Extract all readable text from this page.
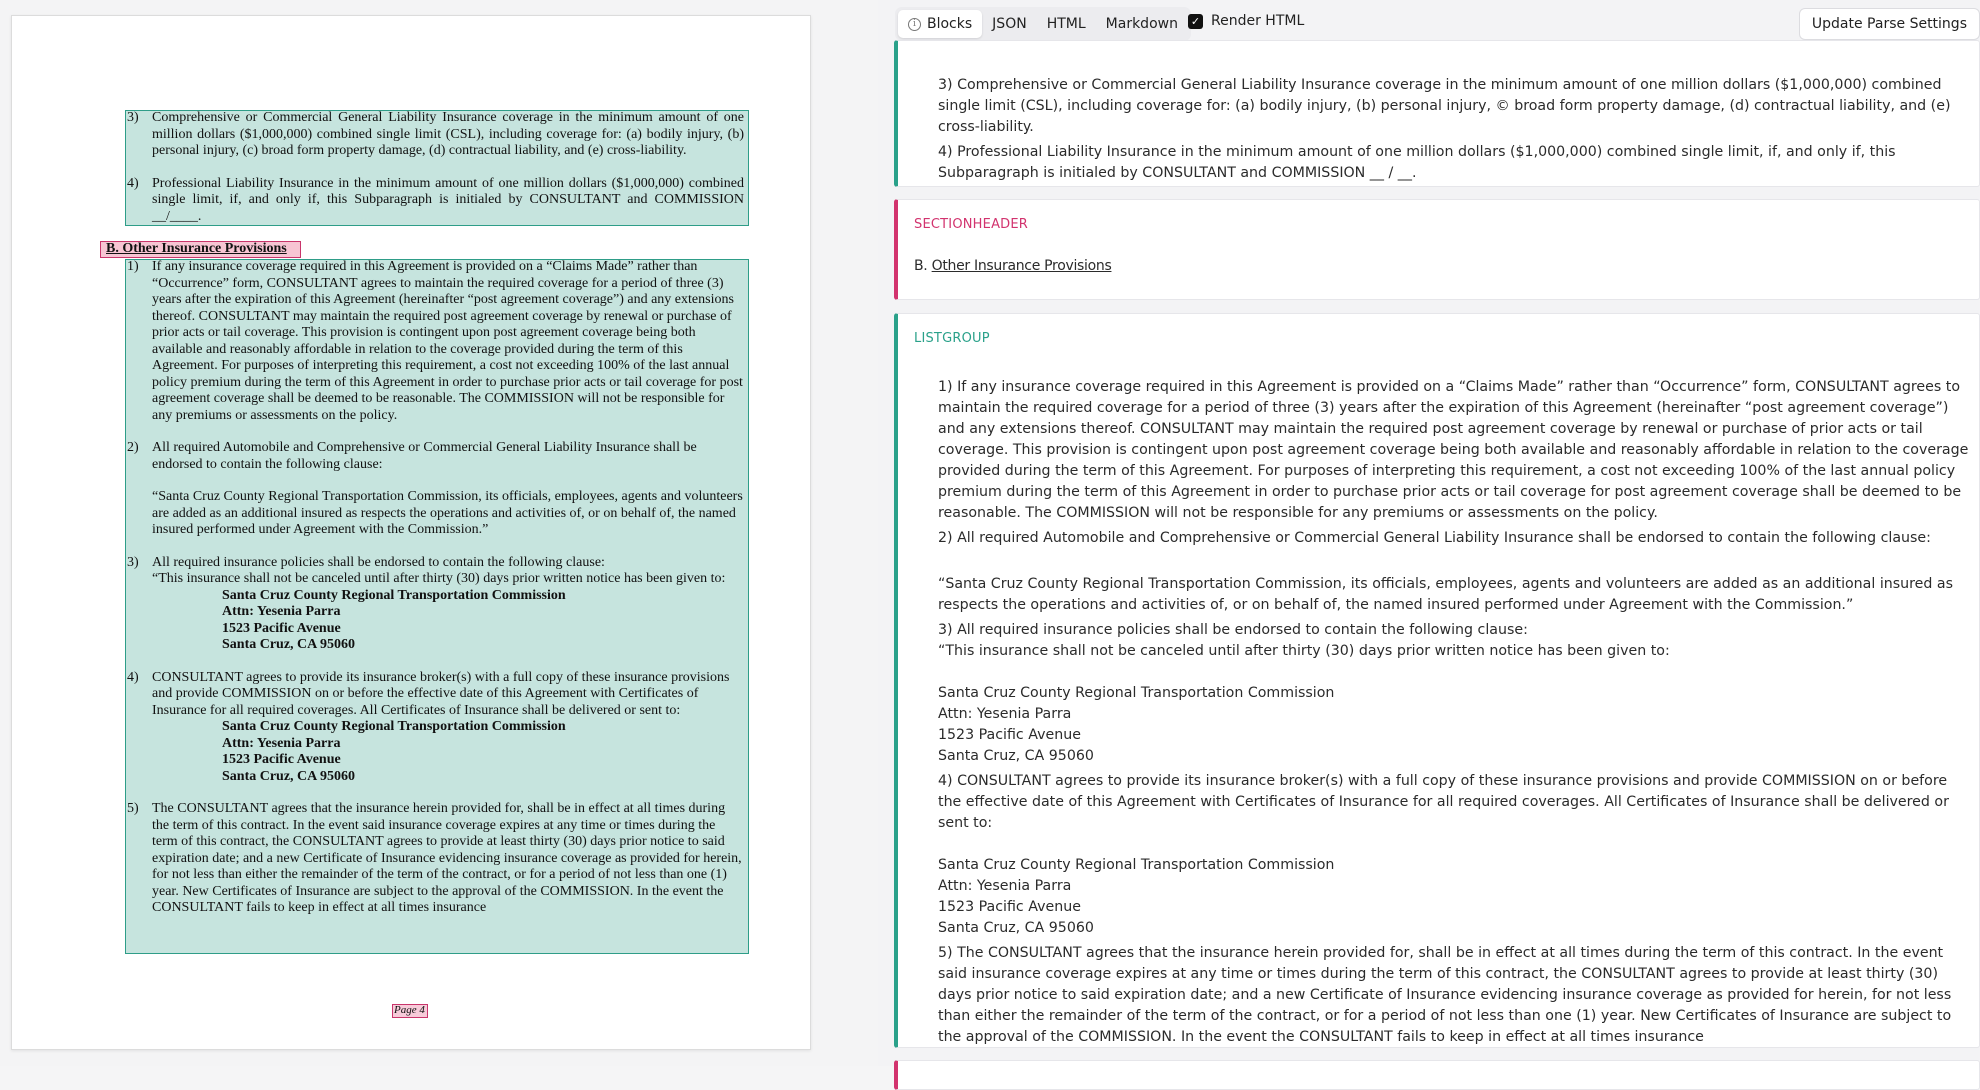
3) Comprehensive or Commercial General Liability Insurance coverage in the minimum amount of one million dollars ($1,000,000) combined single limit (CSL), including coverage for: (a) bodily injury, (b) personal injury, (c) broad form property damage, (d) contractual liability, and (e) cross-liability.
4) Professional Liability Insurance in the minimum amount of one million dollars ($1,000,000) combined single limit, if, and only if, this Subparagraph is initialed by CONSULTANT and COMMISSION __/____.
B. Other Insurance Provisions
1) If any insurance coverage required in this Agreement is provided on a “Claims Made” rather than “Occurrence” form, CONSULTANT agrees to maintain the required coverage for a period of three (3) years after the expiration of this Agreement (hereinafter “post agreement coverage”) and any extensions thereof. CONSULTANT may maintain the required post agreement coverage by renewal or purchase of prior acts or tail coverage. This provision is contingent upon post agreement coverage being both available and reasonably affordable in relation to the coverage provided during the term of this Agreement. For purposes of interpreting this requirement, a cost not exceeding 100% of the last annual policy premium during the term of this Agreement in order to purchase prior acts or tail coverage for post agreement coverage shall be deemed to be reasonable. The COMMISSION will not be responsible for any premiums or assessments on the policy.
2) All required Automobile and Comprehensive or Commercial General Liability Insurance shall be endorsed to contain the following clause:
“Santa Cruz County Regional Transportation Commission, its officials, employees, agents and volunteers are added as an additional insured as respects the operations and activities of, or on behalf of, the named insured performed under Agreement with the Commission.”
3) All required insurance policies shall be endorsed to contain the following clause:
“This insurance shall not be canceled until after thirty (30) days prior written notice has been given to:
Santa Cruz County Regional Transportation Commission
Attn: Yesenia Parra
1523 Pacific Avenue
Santa Cruz, CA 95060
4) CONSULTANT agrees to provide its insurance broker(s) with a full copy of these insurance provisions and provide COMMISSION on or before the effective date of this Agreement with Certificates of Insurance for all required coverages. All Certificates of Insurance shall be delivered or sent to:
Santa Cruz County Regional Transportation Commission
Attn: Yesenia Parra
1523 Pacific Avenue
Santa Cruz, CA 95060
5) The CONSULTANT agrees that the insurance herein provided for, shall be in effect at all times during the term of this contract. In the event said insurance coverage expires at any time or times during the term of this contract, the CONSULTANT agrees to provide at least thirty (30) days prior notice to said expiration date; and a new Certificate of Insurance evidencing insurance coverage as provided for herein, for not less than either the remainder of the term of the contract, or for a period of not less than one (1) year. New Certificates of Insurance are subject to the approval of the COMMISSION. In the event the CONSULTANT fails to keep in effect at all times insurance
Page 4
i Blocks JSON HTML Markdown ✓ Render HTML	Update Parse Settings

3) Comprehensive or Commercial General Liability Insurance coverage in the minimum amount of one million dollars ($1,000,000) combined single limit (CSL), including coverage for: (a) bodily injury, (b) personal injury, © broad form property damage, (d) contractual liability, and (e) cross-liability.

4) Professional Liability Insurance in the minimum amount of one million dollars ($1,000,000) combined single limit, if, and only if, this Subparagraph is initialed by CONSULTANT and COMMISSION __ / __.

SECTIONHEADER
B. Other Insurance Provisions
LISTGROUP

1) If any insurance coverage required in this Agreement is provided on a “Claims Made” rather than “Occurrence” form, CONSULTANT agrees to maintain the required coverage for a period of three (3) years after the expiration of this Agreement (hereinafter “post agreement coverage”) and any extensions thereof. CONSULTANT may maintain the required post agreement coverage by renewal or purchase of prior acts or tail coverage. This provision is contingent upon post agreement coverage being both available and reasonably affordable in relation to the coverage provided during the term of this Agreement. For purposes of interpreting this requirement, a cost not exceeding 100% of the last annual policy premium during the term of this Agreement in order to purchase prior acts or tail coverage for post agreement coverage shall be deemed to be reasonable. The COMMISSION will not be responsible for any premiums or assessments on the policy.

2) All required Automobile and Comprehensive or Commercial General Liability Insurance shall be endorsed to contain the following clause:

“Santa Cruz County Regional Transportation Commission, its officials, employees, agents and volunteers are added as an additional insured as respects the operations and activities of, or on behalf of, the named insured performed under Agreement with the Commission.”

3) All required insurance policies shall be endorsed to contain the following clause:

“This insurance shall not be canceled until after thirty (30) days prior written notice has been given to:

Santa Cruz County Regional Transportation Commission

Attn: Yesenia Parra

1523 Pacific Avenue

Santa Cruz, CA 95060

4) CONSULTANT agrees to provide its insurance broker(s) with a full copy of these insurance provisions and provide COMMISSION on or before the effective date of this Agreement with Certificates of Insurance for all required coverages. All Certificates of Insurance shall be delivered or sent to:

Santa Cruz County Regional Transportation Commission

Attn: Yesenia Parra

1523 Pacific Avenue

Santa Cruz, CA 95060

5) The CONSULTANT agrees that the insurance herein provided for, shall be in effect at all times during the term of this contract. In the event said insurance coverage expires at any time or times during the term of this contract, the CONSULTANT agrees to provide at least thirty (30) days prior notice to said expiration date; and a new Certificate of Insurance evidencing insurance coverage as provided for herein, for not less than either the remainder of the term of the contract, or for a period of not less than one (1) year. New Certificates of Insurance are subject to the approval of the COMMISSION. In the event the CONSULTANT fails to keep in effect at all times insurance
